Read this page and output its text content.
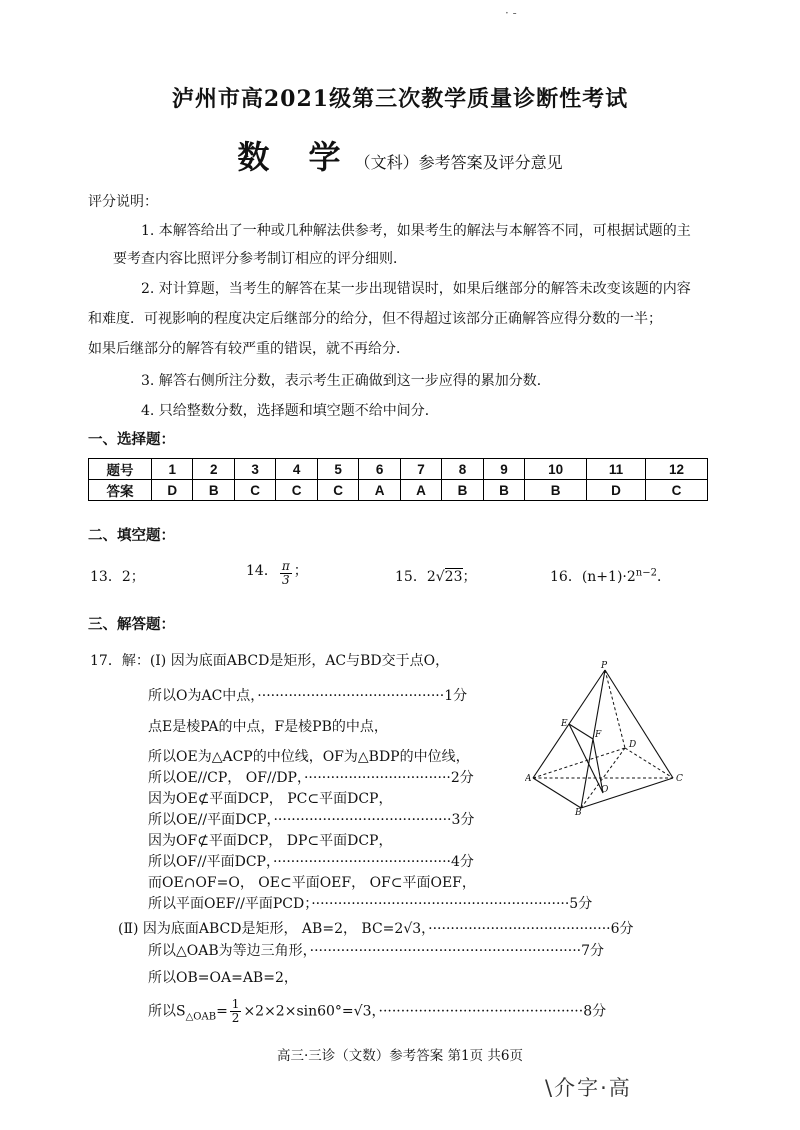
· -
泸州市高2021级第三次教学质量诊断性考试
数 学（文科）参考答案及评分意见
评分说明：
1. 本解答给出了一种或几种解法供参考，如果考生的解法与本解答不同，可根据试题的主
要考查内容比照评分参考制订相应的评分细则．
2. 对计算题，当考生的解答在某一步出现错误时，如果后继部分的解答未改变该题的内容
和难度．可视影响的程度决定后继部分的给分，但不得超过该部分正确解答应得分数的一半；
如果后继部分的解答有较严重的错误，就不再给分．
3. 解答右侧所注分数，表示考生正确做到这一步应得的累加分数．
4. 只给整数分数，选择题和填空题不给中间分．
一、选择题：
题号	1	2	3	4	5	6	7	8	9	10	11	12
答案	D	B	C	C	C	A	A	B	B	B	D	C
二、填空题：
13．2；	14． $\frac{\pi}{3}$ ；	15．2√23；	16．$(n+1)\cdot 2^{n-2}$．
三、解答题：
17．解：(Ⅰ) 因为底面ABCD是矩形，AC与BD交于点O，
所以O为AC中点，··········································1分
点E是棱PA的中点，F是棱PB的中点，
所以OE为△ACP的中位线，OF为△BDP的中位线，
所以OE//CP， OF//DP，·································2分
因为OE⊄平面DCP， PC⊂平面DCP，
所以OE//平面DCP，········································3分
因为OF⊄平面DCP， DP⊂平面DCP，
所以OF//平面DCP，········································4分
而OE∩OF=O， OE⊂平面OEF， OF⊂平面OEF，
所以平面OEF//平面PCD；··························································5分
(Ⅱ) 因为底面ABCD是矩形， AB=2， BC=2√3，·········································6分
所以△OAB为等边三角形，·····························································7分
所以OB=OA=AB=2，
所以$S_{\triangle OAB}= \frac{1}{2} \times 2\times 2\times\sin 60^\circ=√3$，··············································8分
P
E
F
D
A
O
C
B
高三·三诊（文数）参考答案 第1页 共6页
\介字·高
